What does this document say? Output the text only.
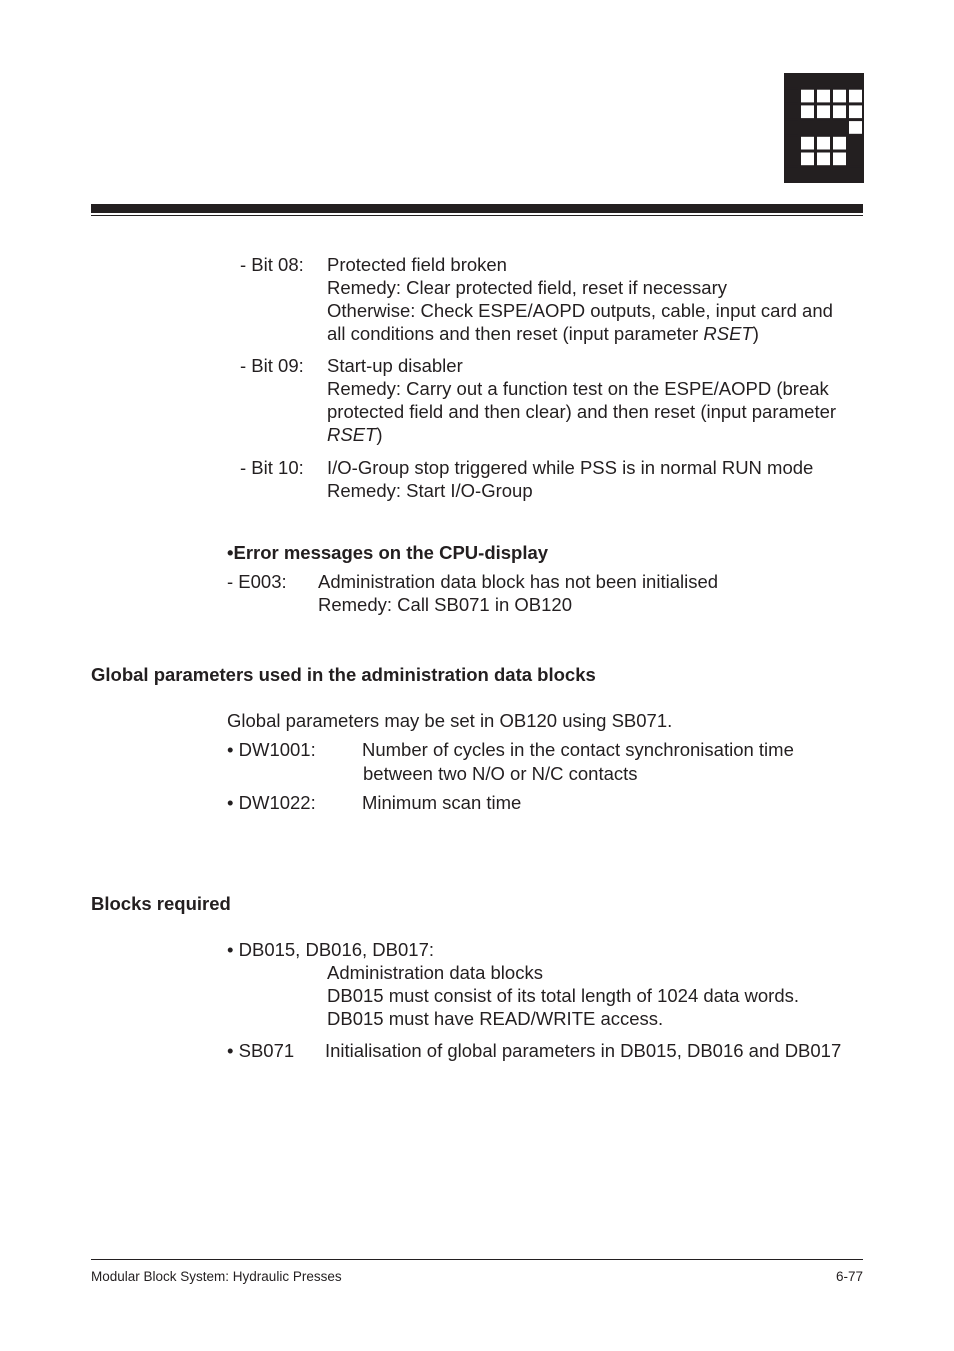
- Bit 08: Protected field broken
Remedy: Clear protected field, reset if necessary
Otherwise: Check ESPE/AOPD outputs, cable, input card and
all conditions and then reset (input parameter RSET)
- Bit 09: Start-up disabler
Remedy: Carry out a function test on the ESPE/AOPD (break
protected field and then clear) and then reset (input parameter
RSET)
- Bit 10: I/O-Group stop triggered while PSS is in normal RUN mode
Remedy: Start I/O-Group
•Error messages on the CPU-display
- E003: Administration data block has not been initialised
Remedy: Call SB071 in OB120
Global parameters used in the administration data blocks
Global parameters may be set in OB120 using SB071.
• DW1001:	Number of cycles in the contact synchronisation time
between two N/O or N/C contacts
• DW1022:	Minimum scan time
Blocks required
• DB015, DB016, DB017:
Administration data blocks
DB015 must consist of its total length of 1024 data words.
DB015 must have READ/WRITE access.
• SB071 Initialisation of global parameters in DB015, DB016 and DB017
Modular Block System: Hydraulic Presses	6-77
